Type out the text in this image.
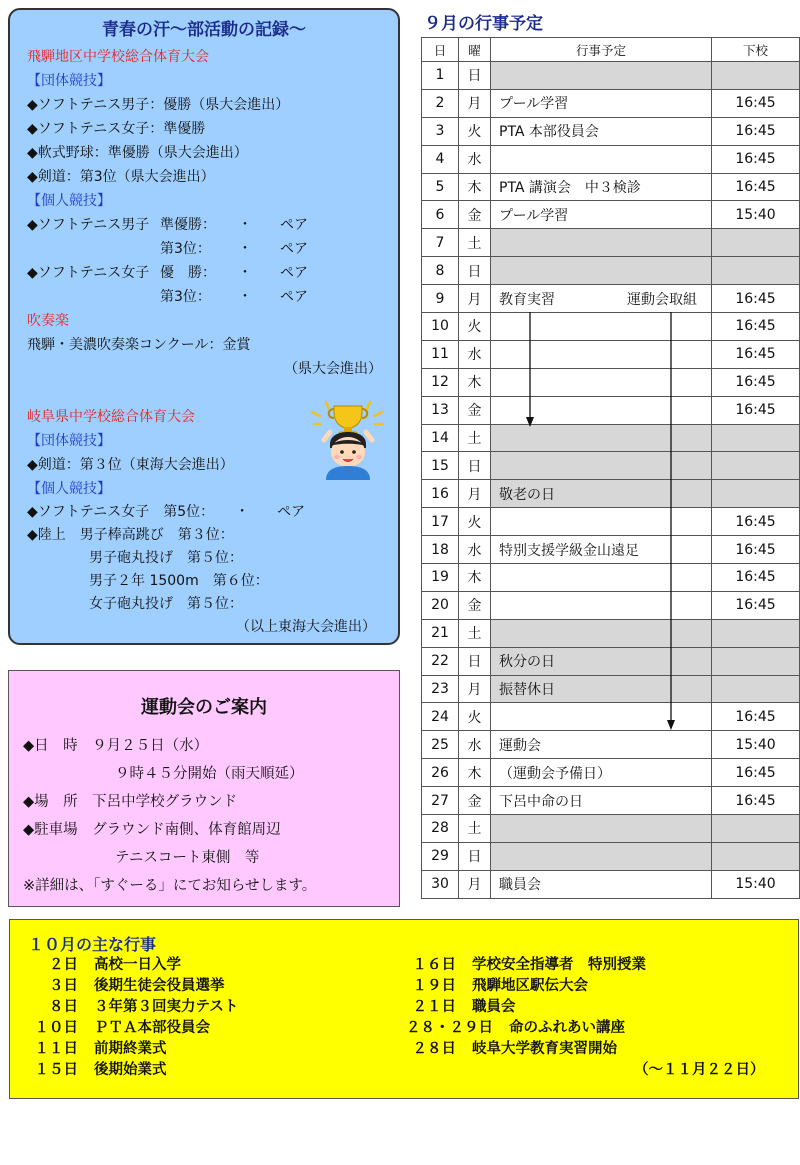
青春の汗〜部活動の記録〜
飛騨地区中学校総合体育大会
【団体競技】
◆ソフトテニス男子：優勝（県大会進出）
◆ソフトテニス女子：準優勝
◆軟式野球：準優勝（県大会進出）
◆剣道：第3位（県大会進出）
【個人競技】
◆ソフトテニス男子 準優勝： ・ ペア
第3位： ・ ペア
◆ソフトテニス女子 優　勝： ・ ペア
第3位： ・ ペア
吹奏楽
飛騨・美濃吹奏楽コンクール：金賞
（県大会進出）
岐阜県中学校総合体育大会
【団体競技】
◆剣道：第３位（東海大会進出）
【個人競技】
◆ソフトテニス女子　第5位：　　・　　ペア
◆陸上　男子棒高跳び　第３位：
男子砲丸投げ　第５位：
男子２年 1500m　第６位：
女子砲丸投げ　第５位：
（以上東海大会進出）
運動会のご案内
◆日　時　９月２５日（水）
９時４５分開始（雨天順延）
◆場　所　下呂中学校グラウンド
◆駐車場　グラウンド南側、体育館周辺
テニスコート東側　等
※詳細は、「すぐーる」にてお知らせします。
９月の行事予定
日	曜	行事予定	下校
1	日		
2	月	プール学習	16:45
3	火	PTA 本部役員会	16:45
4	水		16:45
5	木	PTA 講演会　中３検診	16:45
6	金	プール学習	15:40
7	土		
8	日		
9	月	教育実習 運動会取組	16:45
10	火		16:45
11	水		16:45
12	木		16:45
13	金		16:45
14	土		
15	日		
16	月	敬老の日	
17	火		16:45
18	水	特別支援学級金山遠足	16:45
19	木		16:45
20	金		16:45
21	土		
22	日	秋分の日	
23	月	振替休日	
24	火		16:45
25	水	運動会	15:40
26	木	（運動会予備日）	16:45
27	金	下呂中命の日	16:45
28	土		
29	日		
30	月	職員会	15:40
１０月の主な行事
２日 高校一日入学
３日 後期生徒会役員選挙
８日 ３年第３回実力テスト
１０日 ＰＴＡ本部役員会
１１日 前期終業式
１５日 後期始業式
１６日 学校安全指導者　特別授業
１９日 飛騨地区駅伝大会
２１日 職員会
２８・２９日 命のふれあい講座
２８日 岐阜大学教育実習開始
（〜１１月２２日）
